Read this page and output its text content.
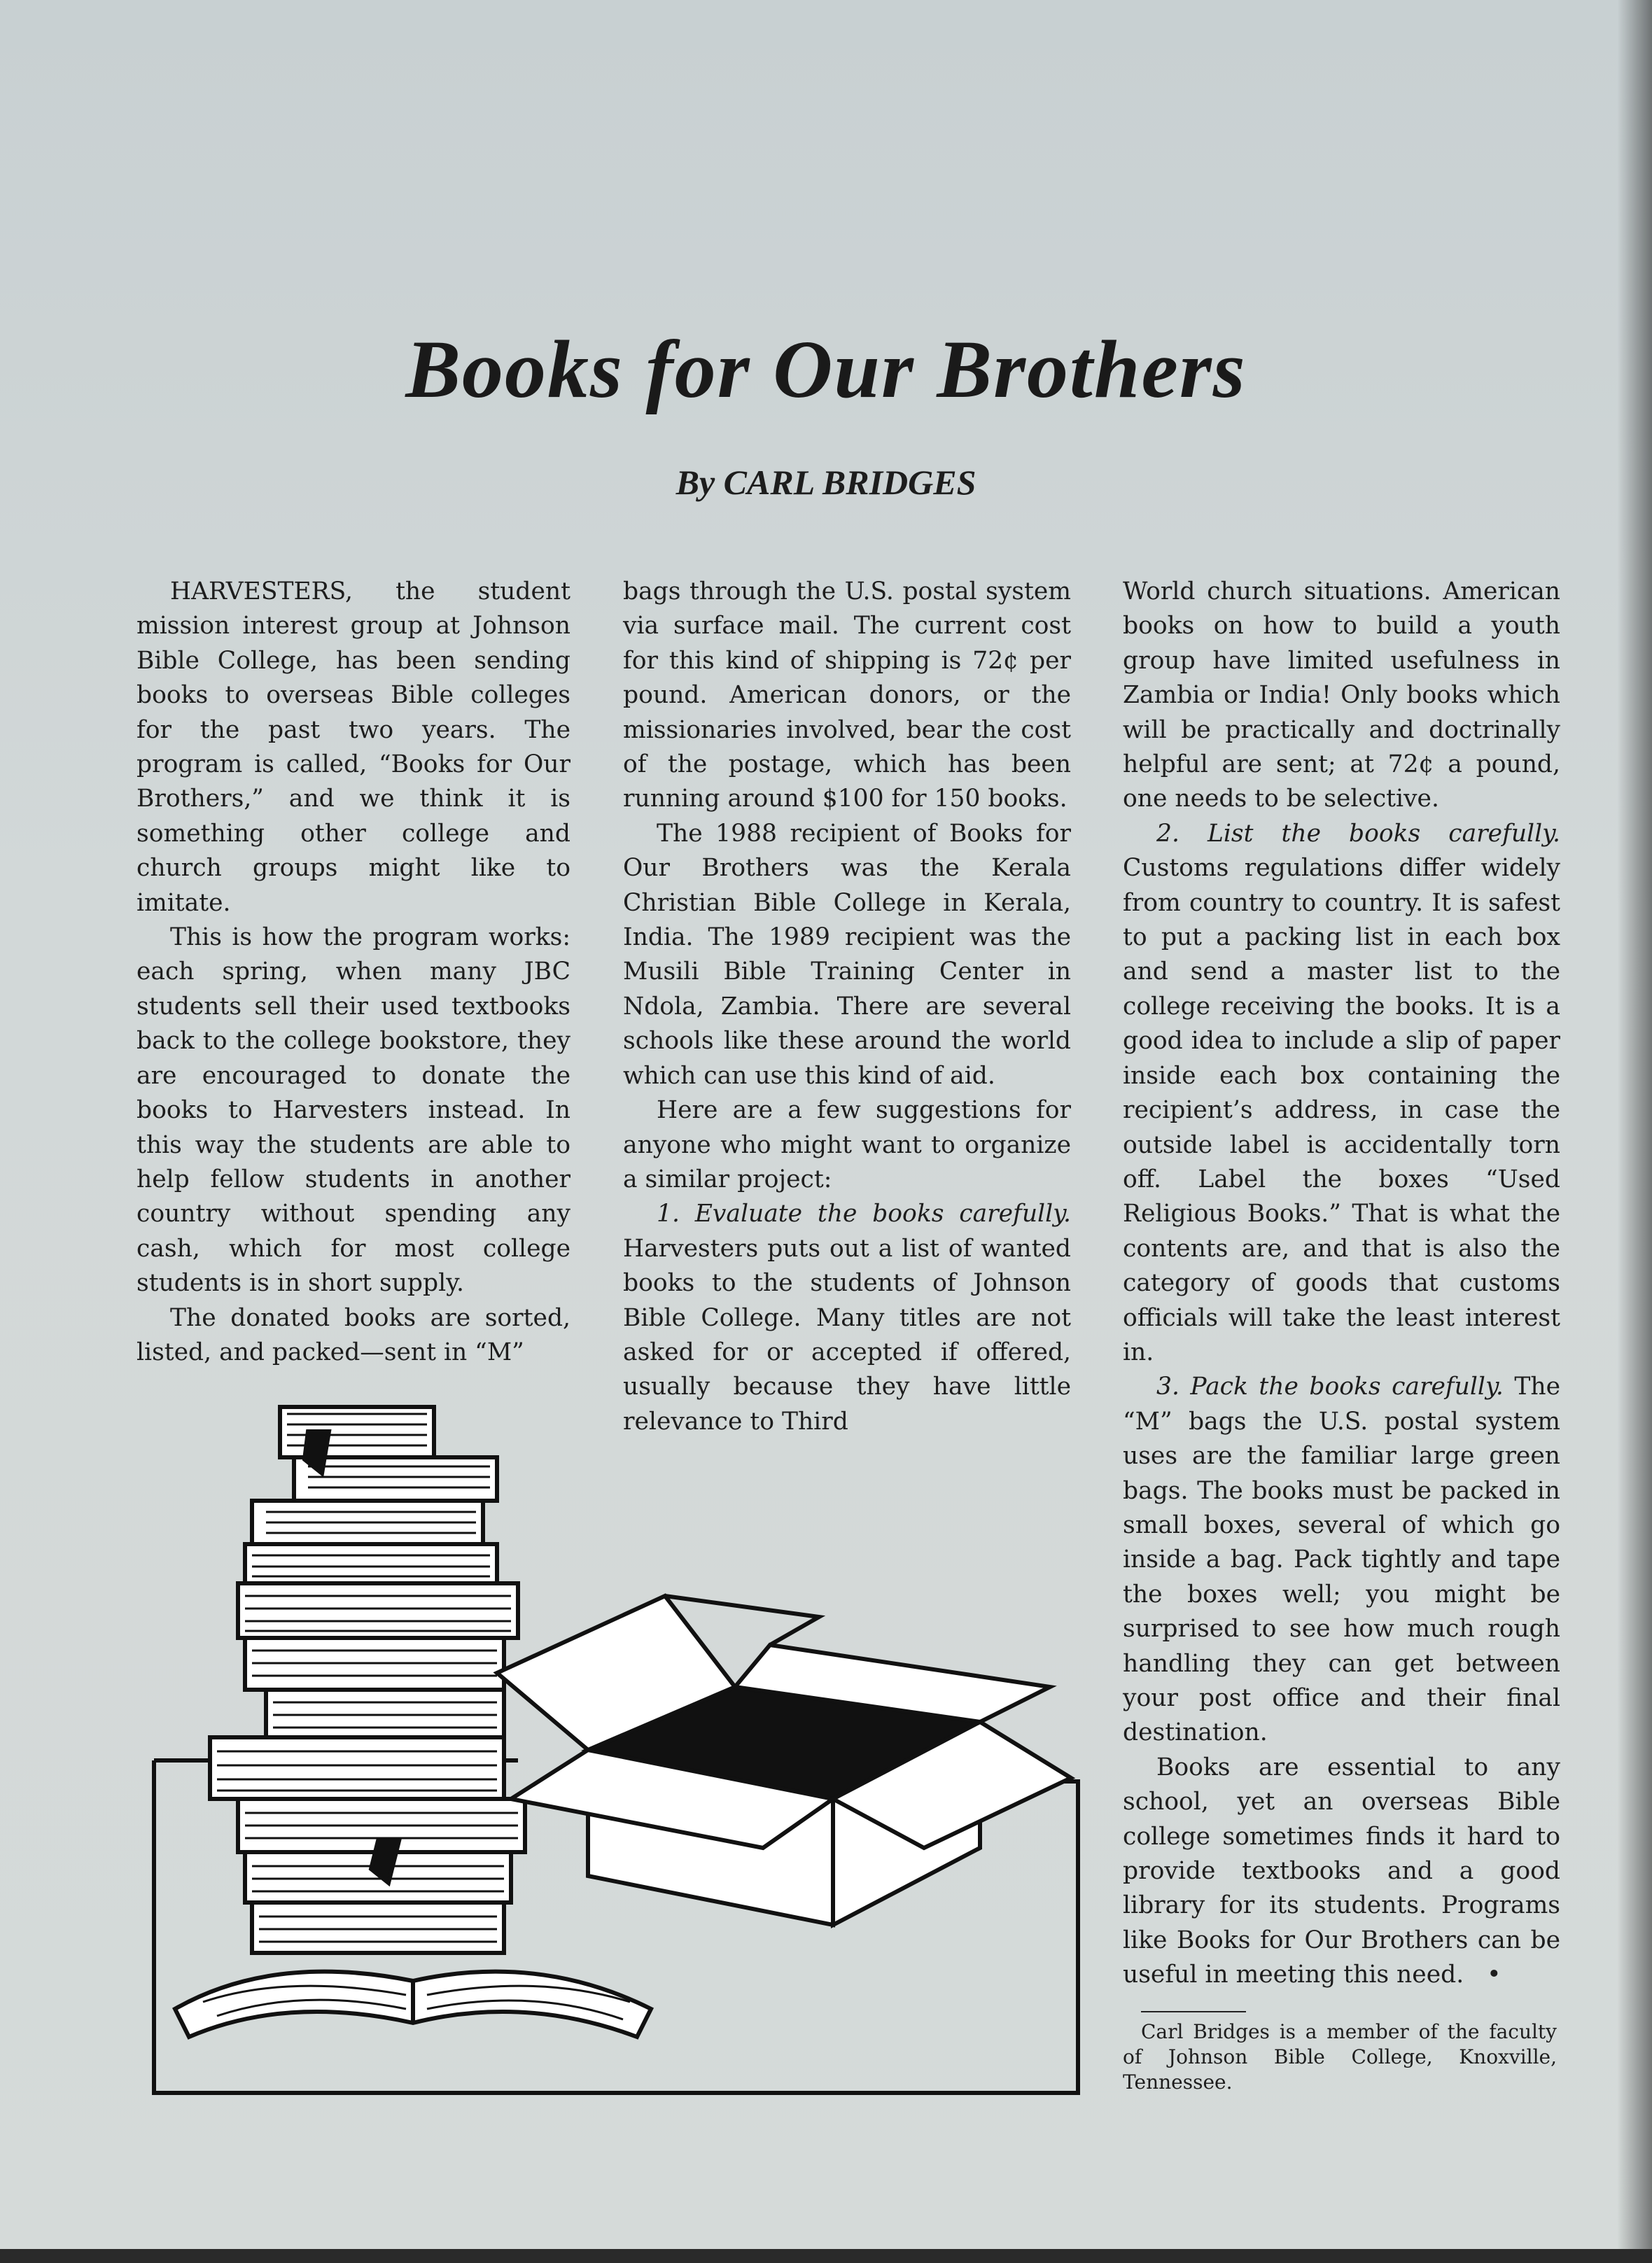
Books for Our Brothers
By CARL BRIDGES

HARVESTERS, the student mission interest group at Johnson Bible College, has been sending books to overseas Bible colleges for the past two years. The program is called, “Books for Our Brothers,” and we think it is something other college and church groups might like to imitate.

This is how the program works: each spring, when many JBC students sell their used textbooks back to the college bookstore, they are encouraged to donate the books to Harvesters instead. In this way the students are able to help fellow students in another country without spending any cash, which for most college students is in short supply.

The donated books are sorted, listed, and packed—sent in “M”

bags through the U.S. postal system via surface mail. The current cost for this kind of shipping is 72¢ per pound. American donors, or the missionaries involved, bear the cost of the postage, which has been running around $100 for 150 books.

The 1988 recipient of Books for Our Brothers was the Kerala Christian Bible College in Kerala, India. The 1989 recipient was the Musili Bible Training Center in Ndola, Zambia. There are several schools like these around the world which can use this kind of aid.

Here are a few suggestions for anyone who might want to organize a similar project:

1. Evaluate the books carefully. Harvesters puts out a list of wanted books to the students of Johnson Bible College. Many titles are not asked for or accepted if offered, usually because they have little relevance to Third

World church situations. American books on how to build a youth group have limited usefulness in Zambia or India! Only books which will be practically and doctrinally helpful are sent; at 72¢ a pound, one needs to be selective.

2. List the books carefully. Customs regulations differ widely from country to country. It is safest to put a packing list in each box and send a master list to the college receiving the books. It is a good idea to include a slip of paper inside each box containing the recipient’s address, in case the outside label is accidentally torn off. Label the boxes “Used Religious Books.” That is what the contents are, and that is also the category of goods that customs officials will take the least interest in.

3. Pack the books carefully. The “M” bags the U.S. postal system uses are the familiar large green bags. The books must be packed in small boxes, several of which go inside a bag. Pack tightly and tape the boxes well; you might be surprised to see how much rough handling they can get between your post office and their final destination.

Books are essential to any school, yet an overseas Bible college sometimes finds it hard to provide textbooks and a good library for its students. Programs like Books for Our Brothers can be useful in meeting this need. •

Carl Bridges is a member of the faculty of Johnson Bible College, Knoxville, Tennessee.
